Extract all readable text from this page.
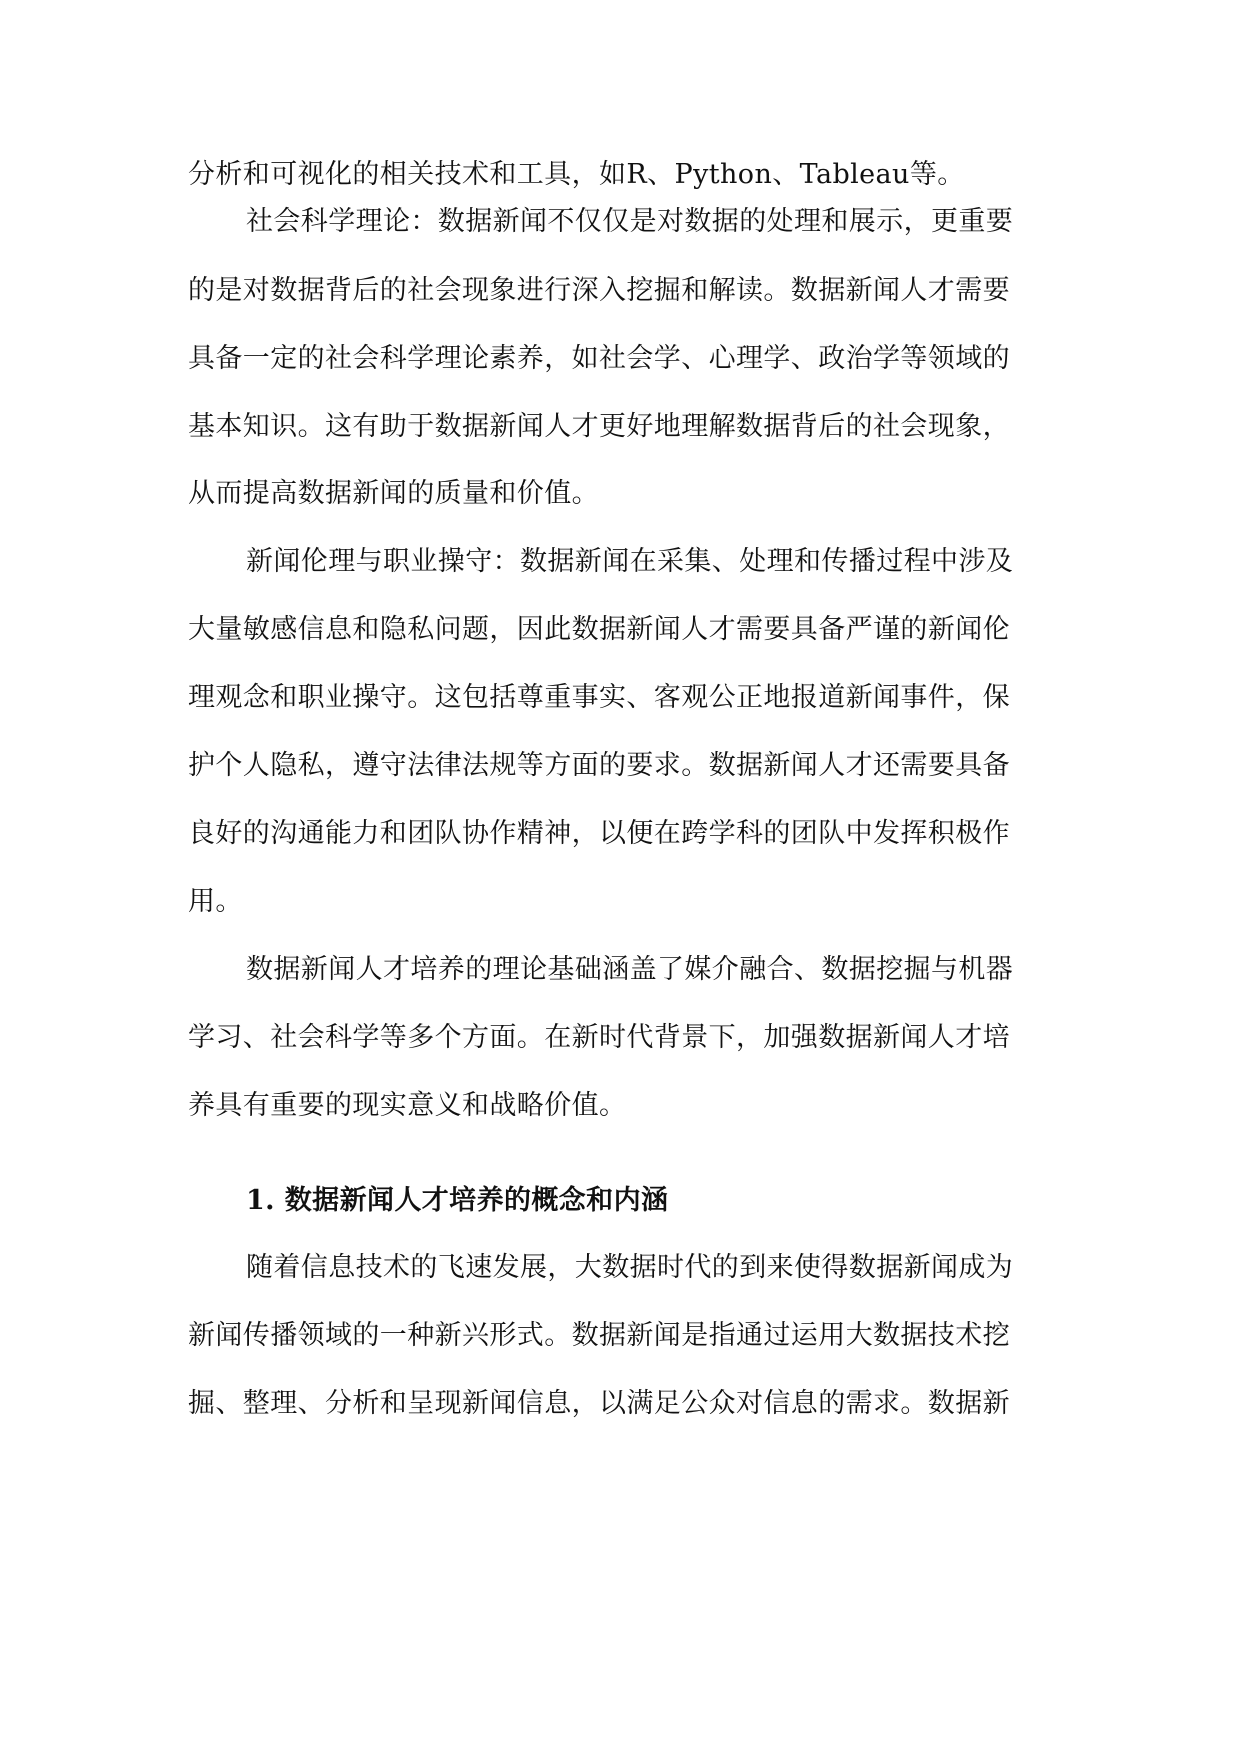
分析和可视化的相关技术和工具，如R、Python、Tableau等。
社会科学理论：数据新闻不仅仅是对数据的处理和展示，更重要
的是对数据背后的社会现象进行深入挖掘和解读。数据新闻人才需要
具备一定的社会科学理论素养，如社会学、心理学、政治学等领域的
基本知识。这有助于数据新闻人才更好地理解数据背后的社会现象，
从而提高数据新闻的质量和价值。
新闻伦理与职业操守：数据新闻在采集、处理和传播过程中涉及
大量敏感信息和隐私问题，因此数据新闻人才需要具备严谨的新闻伦
理观念和职业操守。这包括尊重事实、客观公正地报道新闻事件，保
护个人隐私，遵守法律法规等方面的要求。数据新闻人才还需要具备
良好的沟通能力和团队协作精神，以便在跨学科的团队中发挥积极作
用。
数据新闻人才培养的理论基础涵盖了媒介融合、数据挖掘与机器
学习、社会科学等多个方面。在新时代背景下，加强数据新闻人才培
养具有重要的现实意义和战略价值。
1. 数据新闻人才培养的概念和内涵
随着信息技术的飞速发展，大数据时代的到来使得数据新闻成为
新闻传播领域的一种新兴形式。数据新闻是指通过运用大数据技术挖
掘、整理、分析和呈现新闻信息，以满足公众对信息的需求。数据新
